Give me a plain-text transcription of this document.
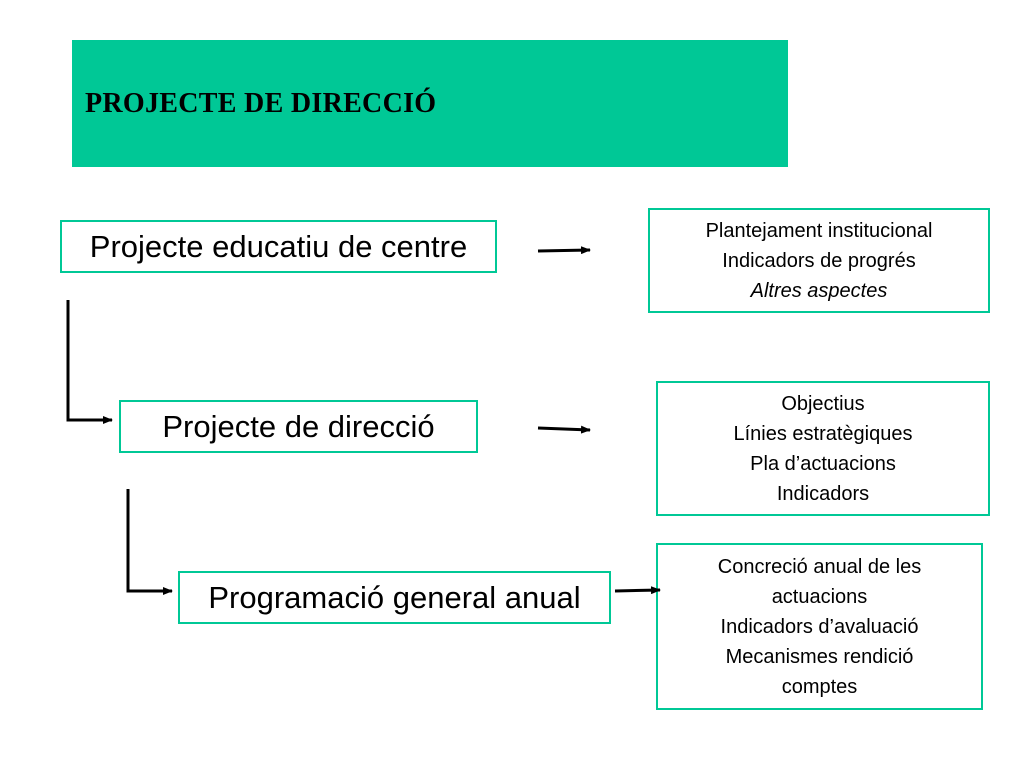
PROJECTE DE DIRECCIÓ
Projecte educatiu de centre
Projecte de direcció
Programació general anual
Plantejament institucional
Indicadors de progrés
Altres aspectes
Objectius
Línies estratègiques
Pla d’actuacions
Indicadors
Concreció anual de les
actuacions
Indicadors d’avaluació
Mecanismes rendició
comptes
